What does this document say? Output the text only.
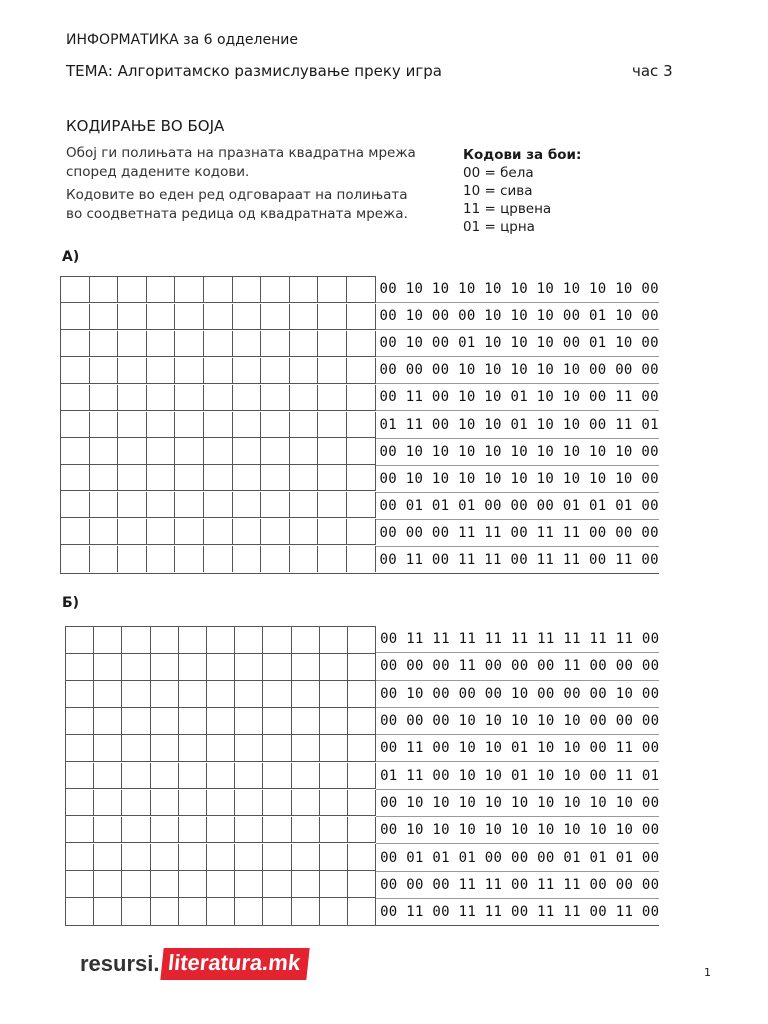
ИНФОРМАТИКА за 6 одделение
ТЕМА: Алгоритамско размислување преку игра	час 3
КОДИРАЊЕ ВО БОЈА
Обој ги полињата на празната квадратна мрежа
според дадените кодови.
Кодовите во еден ред одговараат на полињата
во соодветната редица од квадратната мрежа.
Кодови за бои:
00 = бела
10 = сива
11 = црвена
01 = црна
А)
00 10 10 10 10 10 10 10 10 10 00
00 10 00 00 10 10 10 00 01 10 00
00 10 00 01 10 10 10 00 01 10 00
00 00 00 10 10 10 10 10 00 00 00
00 11 00 10 10 01 10 10 00 11 00
01 11 00 10 10 01 10 10 00 11 01
00 10 10 10 10 10 10 10 10 10 00
00 10 10 10 10 10 10 10 10 10 00
00 01 01 01 00 00 00 01 01 01 00
00 00 00 11 11 00 11 11 00 00 00
00 11 00 11 11 00 11 11 00 11 00
Б)
00 11 11 11 11 11 11 11 11 11 00
00 00 00 11 00 00 00 11 00 00 00
00 10 00 00 00 10 00 00 00 10 00
00 00 00 10 10 10 10 10 00 00 00
00 11 00 10 10 01 10 10 00 11 00
01 11 00 10 10 01 10 10 00 11 01
00 10 10 10 10 10 10 10 10 10 00
00 10 10 10 10 10 10 10 10 10 00
00 01 01 01 00 00 00 01 01 01 00
00 00 00 11 11 00 11 11 00 00 00
00 11 00 11 11 00 11 11 00 11 00
resursi. literatura.mk	1
